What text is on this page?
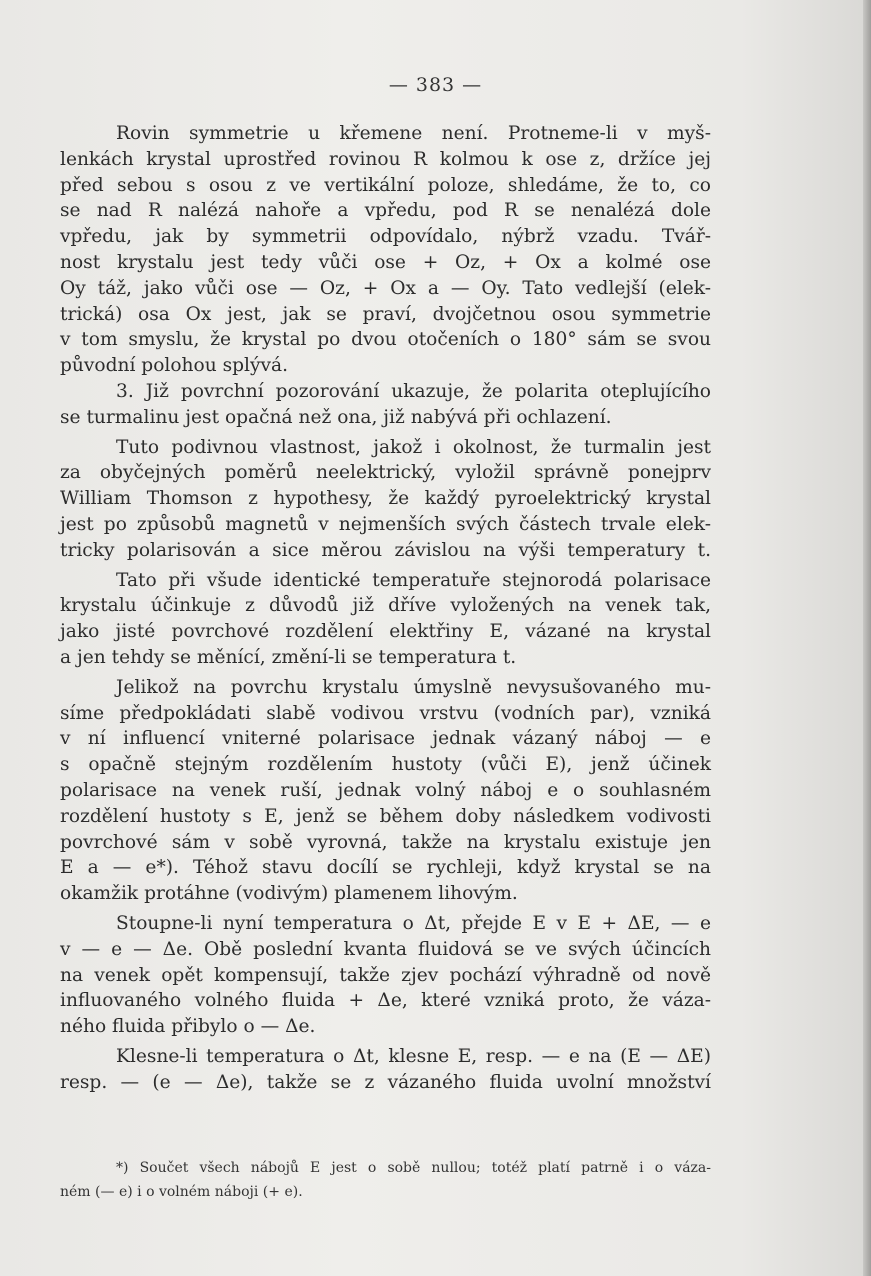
— 383 —
Rovin symmetrie u křemene není. Protneme-li v myš-
lenkách krystal uprostřed rovinou R kolmou k ose z, držíce jej
před sebou s osou z ve vertikální poloze, shledáme, že to, co
se nad R nalézá nahoře a vpředu, pod R se nenalézá dole
vpředu, jak by symmetrii odpovídalo, nýbrž vzadu. Tvář-
nost krystalu jest tedy vůči ose + Oz, + Ox a kolmé ose
Oy táž, jako vůči ose — Oz, + Ox a — Oy. Tato vedlejší (elek-
trická) osa Ox jest, jak se praví, dvojčetnou osou symmetrie
v tom smyslu, že krystal po dvou otočeních o 180° sám se svou
původní polohou splývá.
3. Již povrchní pozorování ukazuje, že polarita oteplujícího
se turmalinu jest opačná než ona, již nabývá při ochlazení.
Tuto podivnou vlastnost, jakož i okolnost, že turmalin jest
za obyčejných poměrů neelektrický, vyložil správně ponejprv
William Thomson z hypothesy, že každý pyroelektrický krystal
jest po způsobů magnetů v nejmenších svých částech trvale elek-
tricky polarisován a sice měrou závislou na výši temperatury t.
Tato při všude identické temperatuře stejnorodá polarisace
krystalu účinkuje z důvodů již dříve vyložených na venek tak,
jako jisté povrchové rozdělení elektřiny E, vázané na krystal
a jen tehdy se měnící, změní-li se temperatura t.
Jelikož na povrchu krystalu úmyslně nevysušovaného mu-
síme předpokládati slabě vodivou vrstvu (vodních par), vzniká
v ní influencí vniterné polarisace jednak vázaný náboj — e
s opačně stejným rozdělením hustoty (vůči E), jenž účinek
polarisace na venek ruší, jednak volný náboj e o souhlasném
rozdělení hustoty s E, jenž se během doby následkem vodivosti
povrchové sám v sobě vyrovná, takže na krystalu existuje jen
E a — e*). Téhož stavu docílí se rychleji, když krystal se na
okamžik protáhne (vodivým) plamenem lihovým.
Stoupne-li nyní temperatura o Δt, přejde E v E + ΔE, — e
v — e — Δe. Obě poslední kvanta fluidová se ve svých účincích
na venek opět kompensují, takže zjev pochází výhradně od nově
influovaného volného fluida + Δe, které vzniká proto, že váza-
ného fluida přibylo o — Δe.
Klesne-li temperatura o Δt, klesne E, resp. — e na (E — ΔE)
resp. — (e — Δe), takže se z vázaného fluida uvolní množství
*) Součet všech nábojů E jest o sobě nullou; totéž platí patrně i o váza-
ném (— e) i o volném náboji (+ e).
